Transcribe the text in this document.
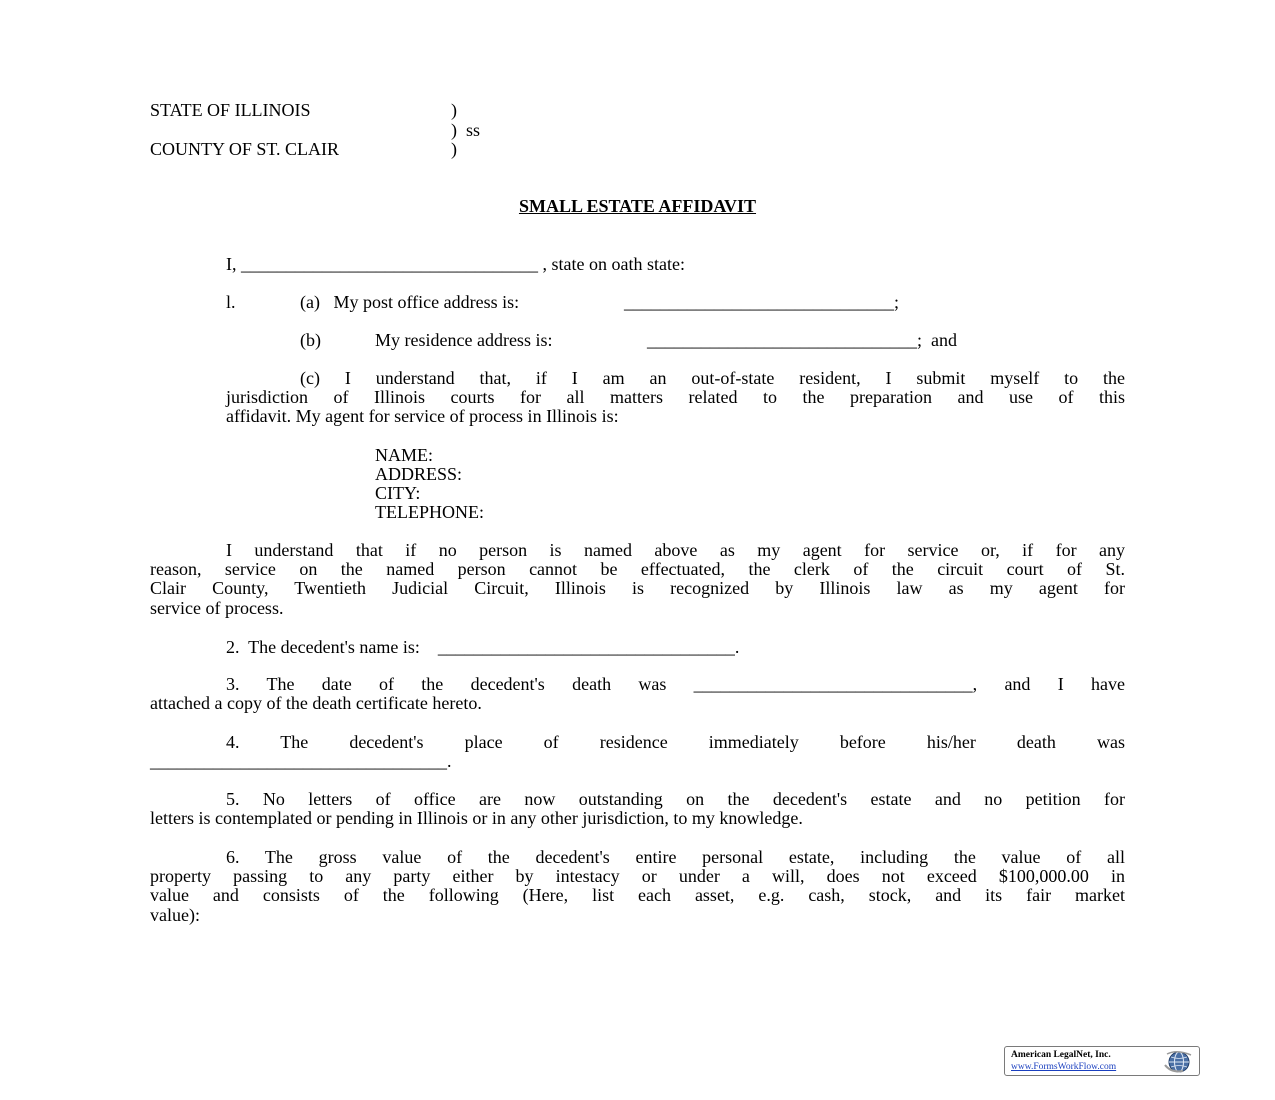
STATE OF ILLINOIS	)
)  ss
COUNTY OF ST. CLAIR	)
SMALL ESTATE AFFIDAVIT
I, _________________________________ , state on oath state:
l.	(a)   My post office address is:	______________________________;
(b)	My residence address is:	______________________________;  and
(c) I understand that, if I am an out-of-state resident, I submit myself to the
jurisdiction of Illinois courts for all matters related to the preparation and use of this
affidavit. My agent for service of process in Illinois is:
NAME:
ADDRESS:
CITY:
TELEPHONE:
I understand that if no person is named above as my agent for service or, if for any
reason, service on the named person cannot be effectuated, the clerk of the circuit court of St.
Clair County, Twentieth Judicial Circuit, Illinois is recognized by Illinois law as my agent for
service of process.
2.  The decedent's name is:    _________________________________.
3. The date of the decedent's death was _______________________________, and I have
attached a copy of the death certificate hereto.
4. The decedent's place of residence immediately before his/her death was
_________________________________.
5. No letters of office are now outstanding on the decedent's estate and no petition for
letters is contemplated or pending in Illinois or in any other jurisdiction, to my knowledge.
6. The gross value of the decedent's entire personal estate, including the value of all
property passing to any party either by intestacy or under a will, does not exceed $100,000.00 in
value and consists of the following (Here, list each asset, e.g. cash, stock, and its fair market
value):
American LegalNet, Inc.
www.FormsWorkFlow.com
